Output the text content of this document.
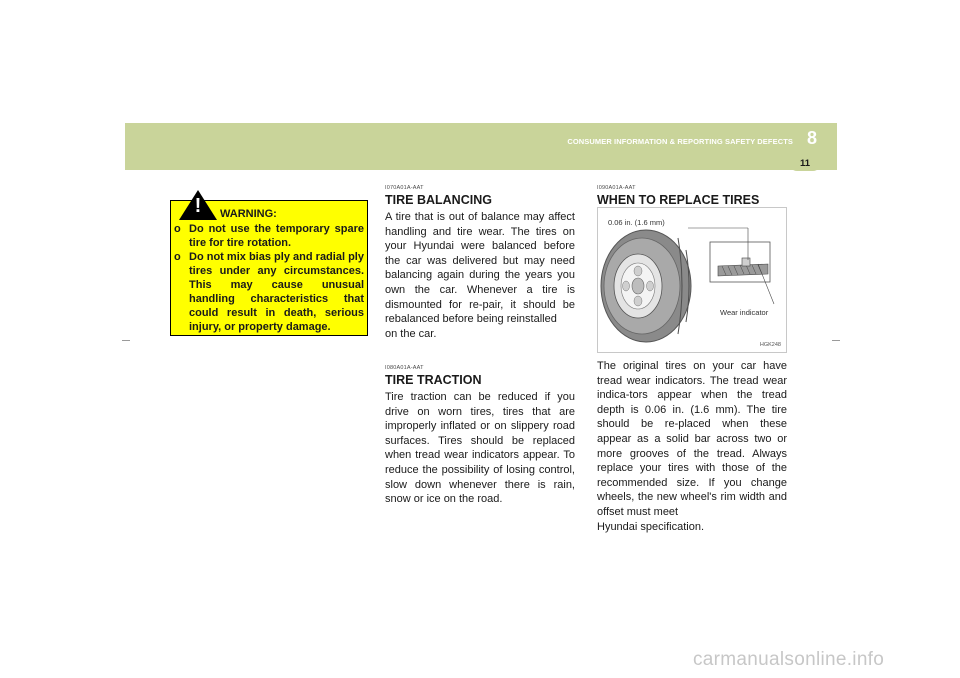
CONSUMER INFORMATION & REPORTING SAFETY DEFECTS 8
11
! WARNING:
o Do not use the temporary spare tire for tire rotation.
o Do not mix bias ply and radial ply tires under any circumstances. This may cause unusual handling characteristics that could result in death, serious injury, or property damage.
I070A01A-AAT
TIRE BALANCING
A tire that is out of balance may affect handling and tire wear. The tires on your Hyundai were balanced before the car was delivered but may need balancing again during the years you own the car. Whenever a tire is dismounted for re-pair, it should be rebalanced before being reinstalled
on the car.
I080A01A-AAT
TIRE TRACTION
Tire traction can be reduced if you drive on worn tires, tires that are improperly inflated or on slippery road surfaces. Tires should be replaced when tread wear indicators appear. To reduce the possibility of losing control, slow down whenever there is rain, snow or ice on the road.
I090A01A-AAT
WHEN TO REPLACE TIRES
0.06 in. (1.6 mm)
Wear indicator
HGK248
The original tires on your car have tread wear indicators. The tread wear indica-tors appear when the tread depth is 0.06 in. (1.6 mm). The tire should be re-placed when these appear as a solid bar across two or more grooves of the tread. Always replace your tires with those of the recommended size. If you change wheels, the new wheel's rim width and offset must meet
Hyundai specification.
carmanualsonline.info
